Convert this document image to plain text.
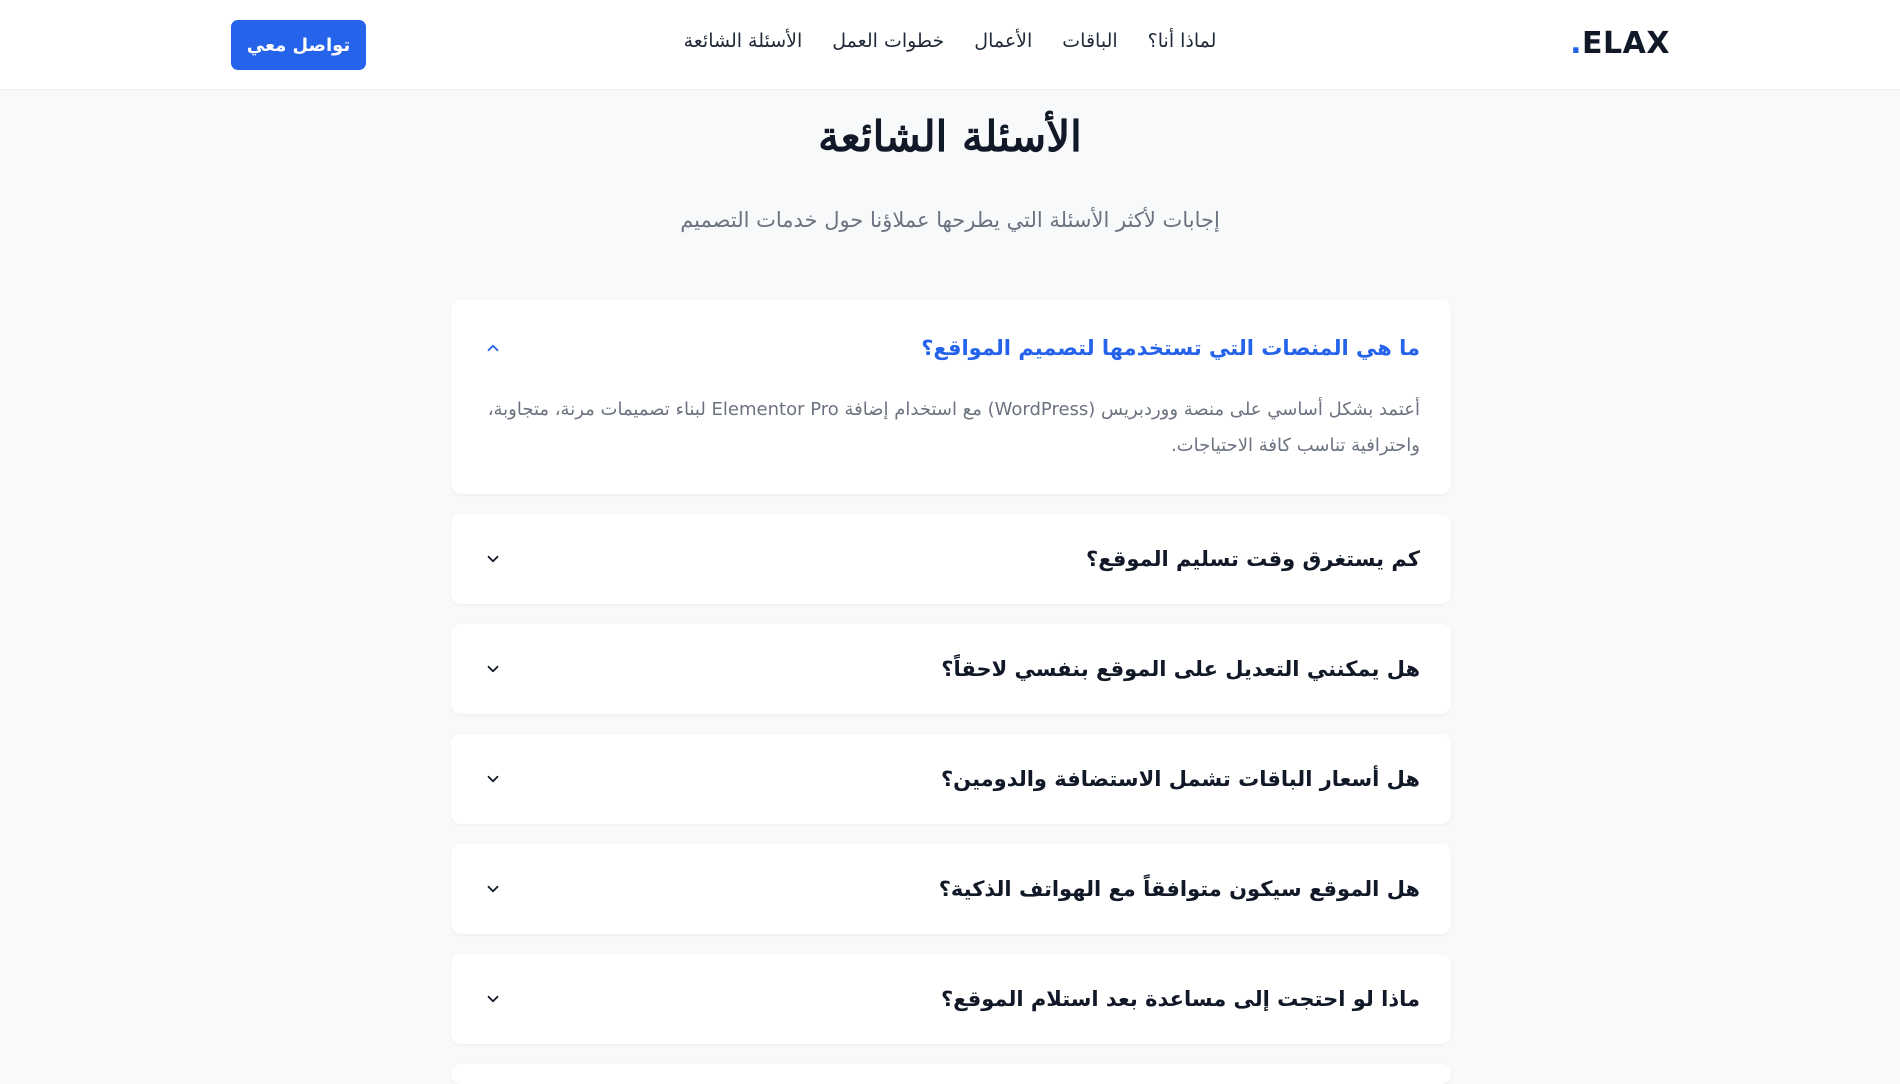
.ELAX
لماذا أنا؟
الباقات
الأعمال
خطوات العمل
الأسئلة الشائعة
تواصل معي
الأسئلة الشائعة

إجابات لأكثر الأسئلة التي يطرحها عملاؤنا حول خدمات التصميم

ما هي المنصات التي تستخدمها لتصميم المواقع؟
أعتمد بشكل أساسي على منصة ووردبريس (WordPress) مع استخدام إضافة Elementor Pro لبناء تصميمات مرنة، متجاوبة، واحترافية تناسب كافة الاحتياجات.
كم يستغرق وقت تسليم الموقع؟
هل يمكنني التعديل على الموقع بنفسي لاحقاً؟
هل أسعار الباقات تشمل الاستضافة والدومين؟
هل الموقع سيكون متوافقاً مع الهواتف الذكية؟
ماذا لو احتجت إلى مساعدة بعد استلام الموقع؟
